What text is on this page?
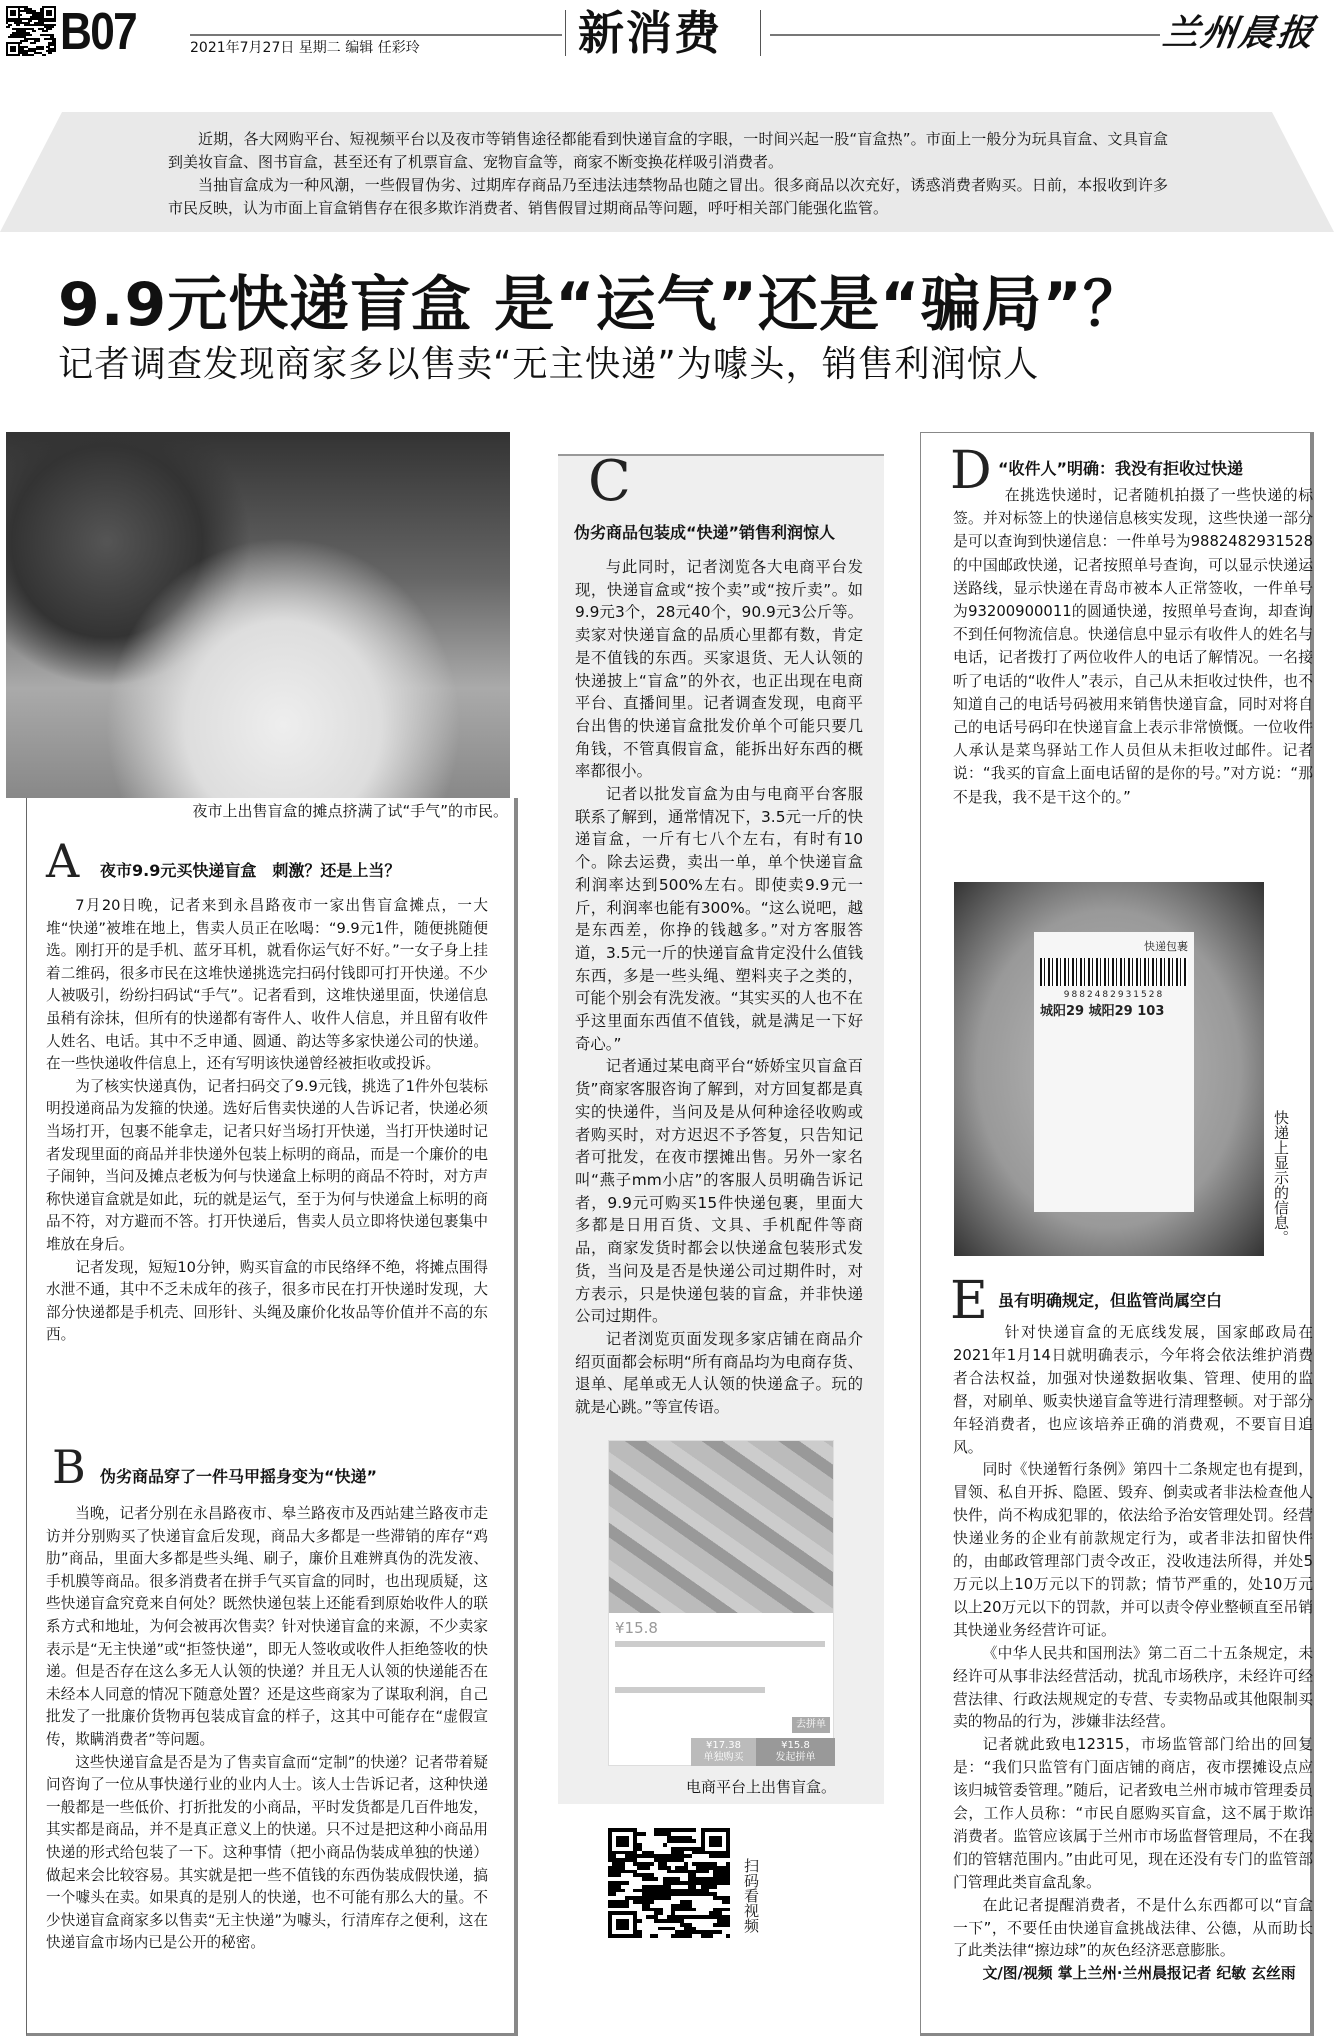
B07	2021年7月27日 星期二 编辑 任彩玲	新消费	兰州晨报

近期，各大网购平台、短视频平台以及夜市等销售途径都能看到快递盲盒的字眼，一时间兴起一股“盲盒热”。市面上一般分为玩具盲盒、文具盲盒到美妆盲盒、图书盲盒，甚至还有了机票盲盒、宠物盲盒等，商家不断变换花样吸引消费者。

当抽盲盒成为一种风潮，一些假冒伪劣、过期库存商品乃至违法违禁物品也随之冒出。很多商品以次充好，诱惑消费者购买。日前，本报收到许多市民反映，认为市面上盲盒销售存在很多欺诈消费者、销售假冒过期商品等问题，呼吁相关部门能强化监管。

9.9元快递盲盒 是“运气”还是“骗局”？
记者调查发现商家多以售卖“无主快递”为噱头，销售利润惊人
夜市上出售盲盒的摊点挤满了试“手气”的市民。
A 夜市9.9元买快递盲盒　刺激？还是上当？

7月20日晚，记者来到永昌路夜市一家出售盲盒摊点，一大堆“快递”被堆在地上，售卖人员正在吆喝：“9.9元1件，随便挑随便选。刚打开的是手机、蓝牙耳机，就看你运气好不好。”一女子身上挂着二维码，很多市民在这堆快递挑选完扫码付钱即可打开快递。不少人被吸引，纷纷扫码试“手气”。记者看到，这堆快递里面，快递信息虽稍有涂抹，但所有的快递都有寄件人、收件人信息，并且留有收件人姓名、电话。其中不乏申通、圆通、韵达等多家快递公司的快递。在一些快递收件信息上，还有写明该快递曾经被拒收或投诉。

为了核实快递真伪，记者扫码交了9.9元钱，挑选了1件外包装标明投递商品为发箍的快递。选好后售卖快递的人告诉记者，快递必须当场打开，包裹不能拿走，记者只好当场打开快递，当打开快递时记者发现里面的商品并非快递外包装上标明的商品，而是一个廉价的电子闹钟，当问及摊点老板为何与快递盒上标明的商品不符时，对方声称快递盲盒就是如此，玩的就是运气，至于为何与快递盒上标明的商品不符，对方避而不答。打开快递后，售卖人员立即将快递包裹集中堆放在身后。

记者发现，短短10分钟，购买盲盒的市民络绎不绝，将摊点围得水泄不通，其中不乏未成年的孩子，很多市民在打开快递时发现，大部分快递都是手机壳、回形针、头绳及廉价化妆品等价值并不高的东西。

B 伪劣商品穿了一件马甲摇身变为“快递”

当晚，记者分别在永昌路夜市、皋兰路夜市及西站建兰路夜市走访并分别购买了快递盲盒后发现，商品大多都是一些滞销的库存“鸡肋”商品，里面大多都是些头绳、刷子，廉价且难辨真伪的洗发液、手机膜等商品。很多消费者在拼手气买盲盒的同时，也出现质疑，这些快递盲盒究竟来自何处？既然快递包装上还能看到原始收件人的联系方式和地址，为何会被再次售卖？针对快递盲盒的来源，不少卖家表示是“无主快递”或“拒签快递”，即无人签收或收件人拒绝签收的快递。但是否存在这么多无人认领的快递？并且无人认领的快递能否在未经本人同意的情况下随意处置？还是这些商家为了谋取利润，自己批发了一批廉价货物再包装成盲盒的样子，这其中可能存在“虚假宣传，欺瞒消费者”等问题。

这些快递盲盒是否是为了售卖盲盒而“定制”的快递？记者带着疑问咨询了一位从事快递行业的业内人士。该人士告诉记者，这种快递一般都是一些低价、打折批发的小商品，平时发货都是几百件地发，其实都是商品，并不是真正意义上的快递。只不过是把这种小商品用快递的形式给包装了一下。这种事情（把小商品伪装成单独的快递）做起来会比较容易。其实就是把一些不值钱的东西伪装成假快递，搞一个噱头在卖。如果真的是别人的快递，也不可能有那么大的量。不少快递盲盒商家多以售卖“无主快递”为噱头，行清库存之便利，这在快递盲盒市场内已是公开的秘密。

C
伪劣商品包装成“快递”销售利润惊人

与此同时，记者浏览各大电商平台发现，快递盲盒或“按个卖”或“按斤卖”。如9.9元3个，28元40个，90.9元3公斤等。卖家对快递盲盒的品质心里都有数，肯定是不值钱的东西。买家退货、无人认领的快递披上“盲盒”的外衣，也正出现在电商平台、直播间里。记者调查发现，电商平台出售的快递盲盒批发价单个可能只要几角钱，不管真假盲盒，能拆出好东西的概率都很小。

记者以批发盲盒为由与电商平台客服联系了解到，通常情况下，3.5元一斤的快递盲盒，一斤有七八个左右，有时有10个。除去运费，卖出一单，单个快递盲盒利润率达到500%左右。即使卖9.9元一斤，利润率也能有300%。“这么说吧，越是东西差，你挣的钱越多。”对方客服答道，3.5元一斤的快递盲盒肯定没什么值钱东西，多是一些头绳、塑料夹子之类的，可能个别会有洗发液。“其实买的人也不在乎这里面东西值不值钱，就是满足一下好奇心。”

记者通过某电商平台“娇娇宝贝盲盒百货”商家客服咨询了解到，对方回复都是真实的快递件，当问及是从何种途径收购或者购买时，对方迟迟不予答复，只告知记者可批发，在夜市摆摊出售。另外一家名叫“燕子mm小店”的客服人员明确告诉记者，9.9元可购买15件快递包裹，里面大多都是日用百货、文具、手机配件等商品，商家发货时都会以快递盒包装形式发货，当问及是否是快递公司过期件时，对方表示，只是快递包装的盲盒，并非快递公司过期件。

记者浏览页面发现多家店铺在商品介绍页面都会标明“所有商品均为电商存货、退单、尾单或无人认领的快递盒子。玩的就是心跳。”等宣传语。

¥15.8
去拼单
¥17.38
单独购买
¥15.8
发起拼单
电商平台上出售盲盒。
扫码看视频
D “收件人”明确：我没有拒收过快递

在挑选快递时，记者随机拍摄了一些快递的标签。并对标签上的快递信息核实发现，这些快递一部分是可以查询到快递信息：一件单号为9882482931528的中国邮政快递，记者按照单号查询，可以显示快递运送路线，显示快递在青岛市被本人正常签收，一件单号为93200900011的圆通快递，按照单号查询，却查询不到任何物流信息。快递信息中显示有收件人的姓名与电话，记者拨打了两位收件人的电话了解情况。一名接听了电话的“收件人”表示，自己从未拒收过快件，也不知道自己的电话号码被用来销售快递盲盒，同时对将自己的电话号码印在快递盲盒上表示非常愤慨。一位收件人承认是菜鸟驿站工作人员但从未拒收过邮件。记者说：“我买的盲盒上面电话留的是你的号。”对方说：“那不是我，我不是干这个的。”

快递包裹
9882482931528
城阳29 城阳29 103
快递上显示的信息。
E 虽有明确规定，但监管尚属空白

针对快递盲盒的无底线发展，国家邮政局在2021年1月14日就明确表示，今年将会依法维护消费者合法权益，加强对快递数据收集、管理、使用的监督，对刷单、贩卖快递盲盒等进行清理整顿。对于部分年轻消费者，也应该培养正确的消费观，不要盲目追风。

同时《快递暂行条例》第四十二条规定也有提到，冒领、私自开拆、隐匿、毁弃、倒卖或者非法检查他人快件，尚不构成犯罪的，依法给予治安管理处罚。经营快递业务的企业有前款规定行为，或者非法扣留快件的，由邮政管理部门责令改正，没收违法所得，并处5万元以上10万元以下的罚款；情节严重的，处10万元以上20万元以下的罚款，并可以责令停业整顿直至吊销其快递业务经营许可证。

《中华人民共和国刑法》第二百二十五条规定，未经许可从事非法经营活动，扰乱市场秩序，未经许可经营法律、行政法规规定的专营、专卖物品或其他限制买卖的物品的行为，涉嫌非法经营。

记者就此致电12315，市场监管部门给出的回复是：“我们只监管有门面店铺的商店，夜市摆摊设点应该归城管委管理。”随后，记者致电兰州市城市管理委员会，工作人员称：“市民自愿购买盲盒，这不属于欺诈消费者。监管应该属于兰州市市场监督管理局，不在我们的管辖范围内。”由此可见，现在还没有专门的监管部门管理此类盲盒乱象。

在此记者提醒消费者，不是什么东西都可以“盲盒一下”，不要任由快递盲盒挑战法律、公德，从而助长了此类法律“擦边球”的灰色经济恶意膨胀。

文/图/视频 掌上兰州·兰州晨报记者 纪敏 玄丝雨
